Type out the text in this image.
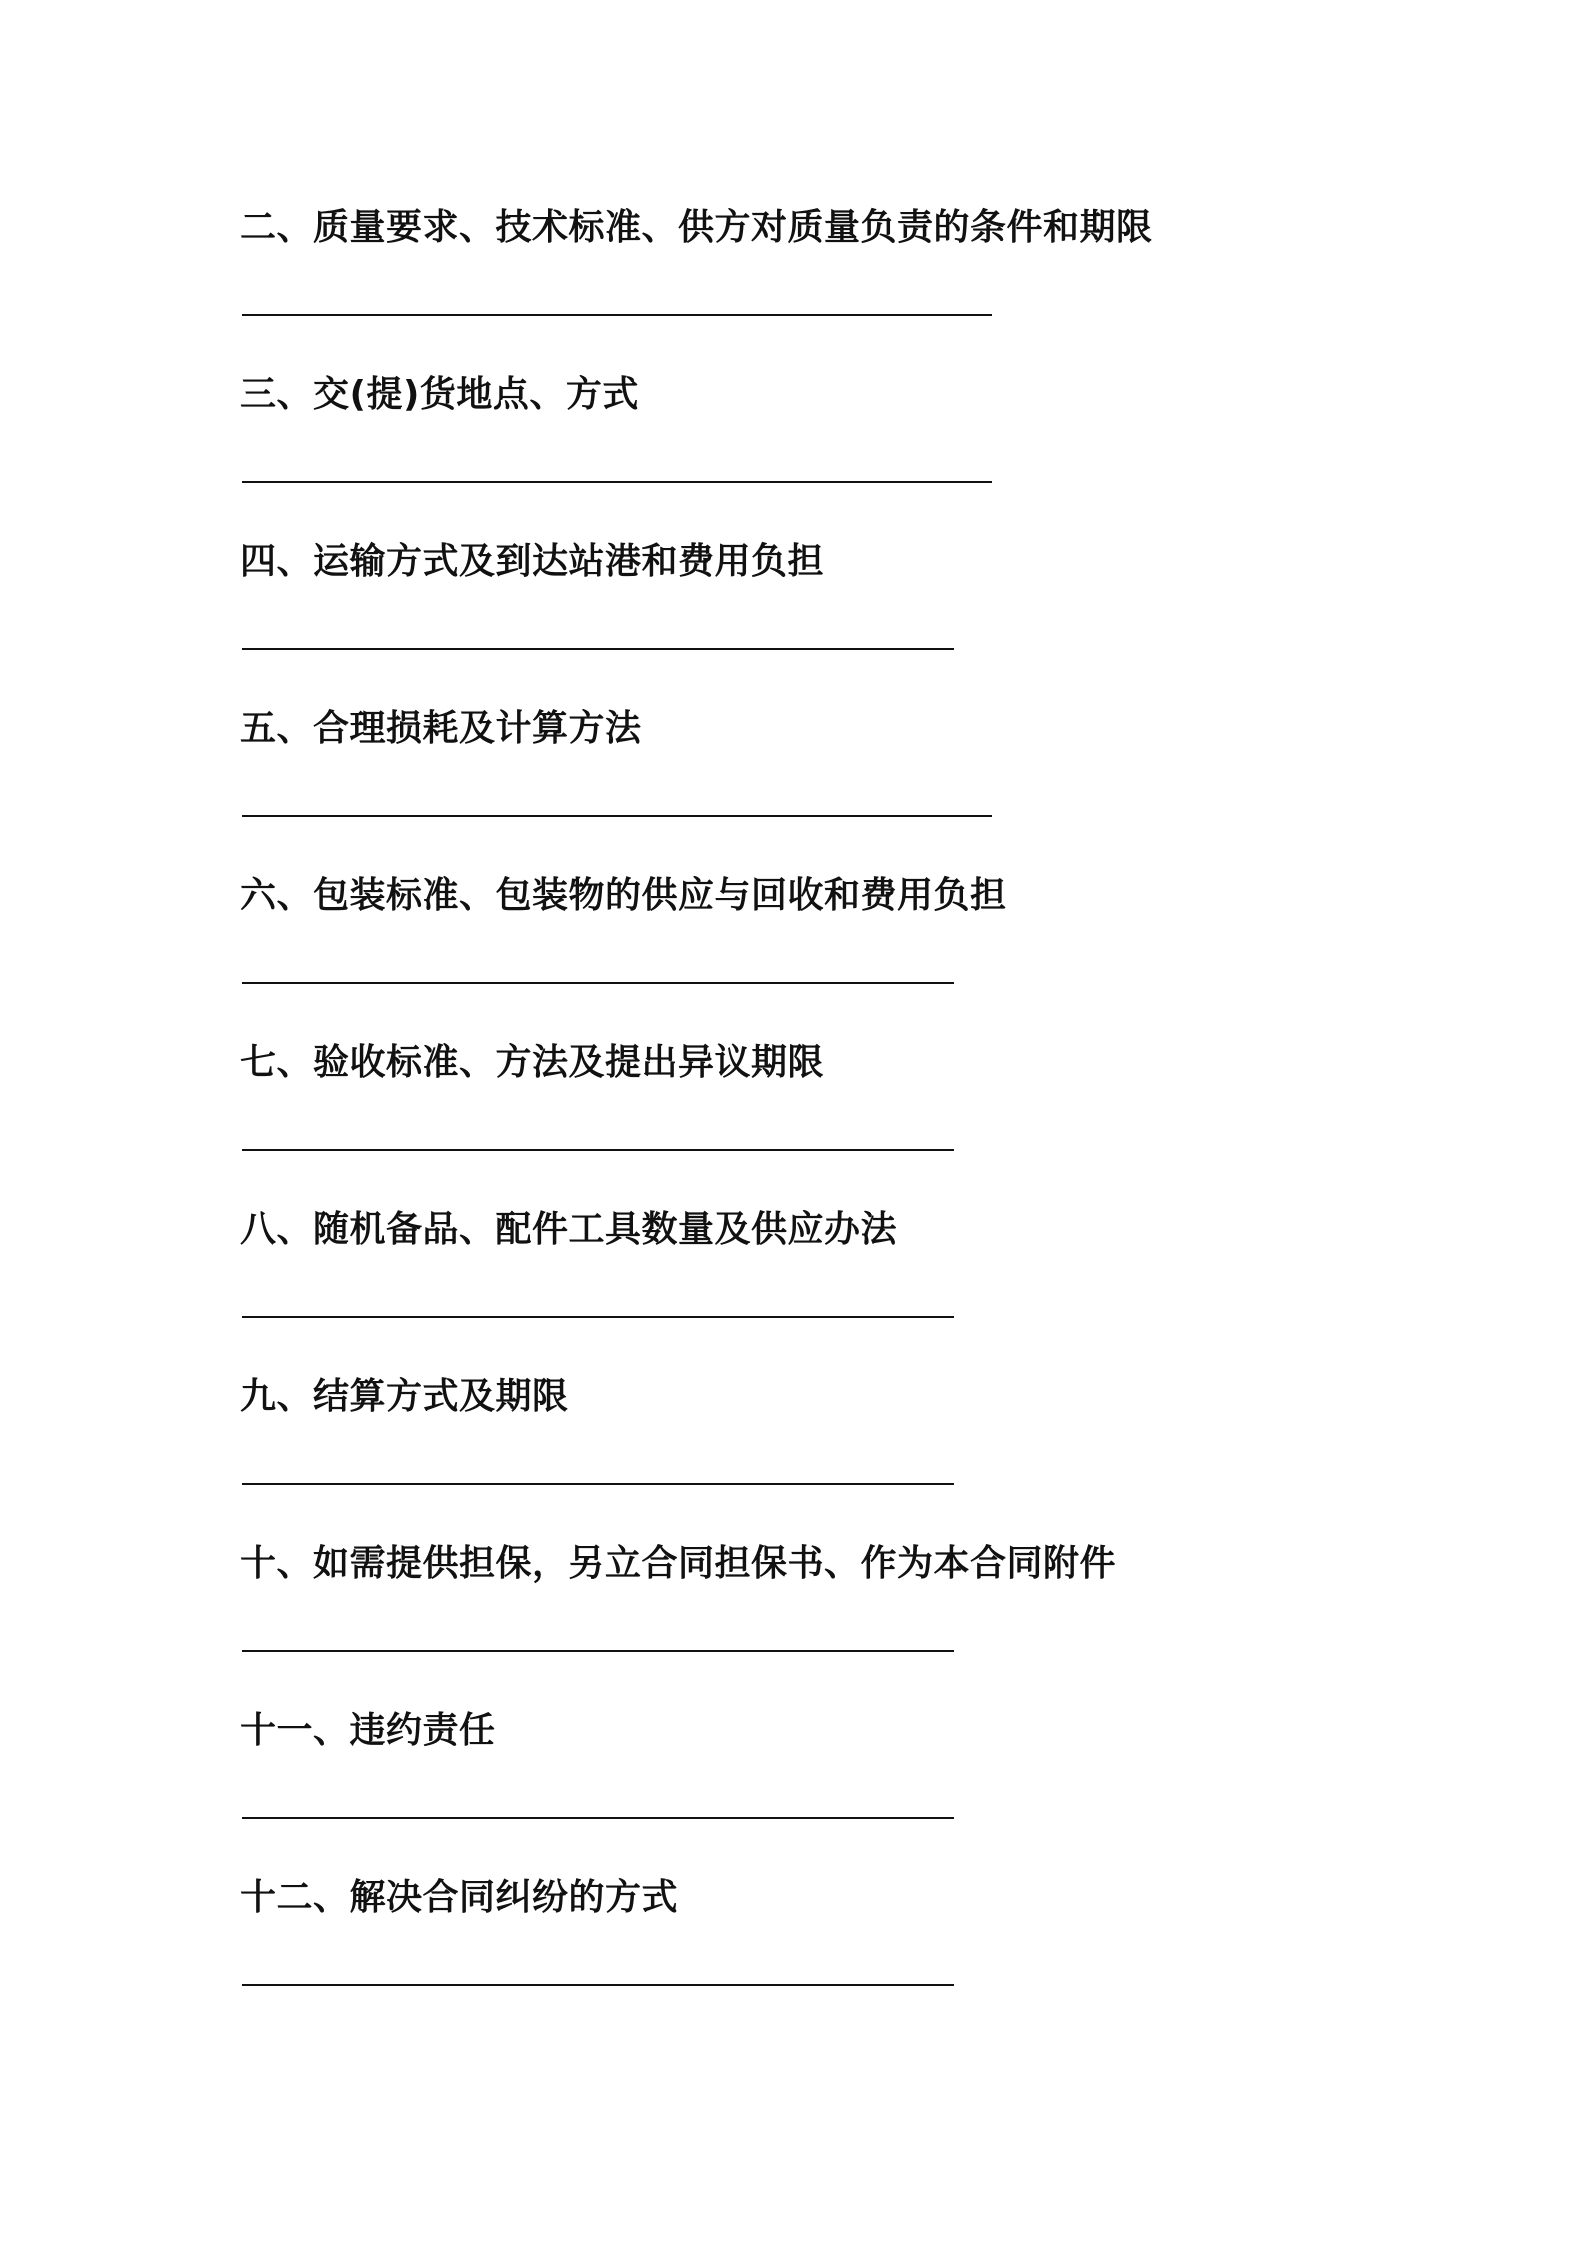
二、质量要求、技术标准、供方对质量负责的条件和期限
三、交(提)货地点、方式
四、运输方式及到达站港和费用负担
五、合理损耗及计算方法
六、包装标准、包装物的供应与回收和费用负担
七、验收标准、方法及提出异议期限
八、随机备品、配件工具数量及供应办法
九、结算方式及期限
十、如需提供担保，另立合同担保书、作为本合同附件
十一、违约责任
十二、解决合同纠纷的方式
